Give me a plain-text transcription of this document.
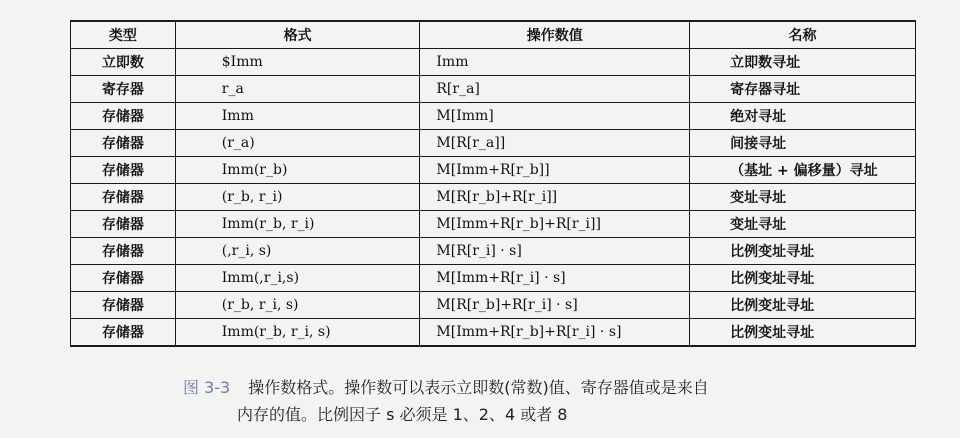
类型	格式	操作数值	名称
立即数	$Imm	Imm	立即数寻址
寄存器	r_a	R[r_a]	寄存器寻址
存储器	Imm	M[Imm]	绝对寻址
存储器	(r_a)	M[R[r_a]]	间接寻址
存储器	Imm(r_b)	M[Imm+R[r_b]]	（基址 + 偏移量）寻址
存储器	(r_b, r_i)	M[R[r_b]+R[r_i]]	变址寻址
存储器	Imm(r_b, r_i)	M[Imm+R[r_b]+R[r_i]]	变址寻址
存储器	(,r_i, s)	M[R[r_i] · s]	比例变址寻址
存储器	Imm(,r_i,s)	M[Imm+R[r_i] · s]	比例变址寻址
存储器	(r_b, r_i, s)	M[R[r_b]+R[r_i] · s]	比例变址寻址
存储器	Imm(r_b, r_i, s)	M[Imm+R[r_b]+R[r_i] · s]	比例变址寻址
图 3-3 操作数格式。操作数可以表示立即数(常数)值、寄存器值或是来自
内存的值。比例因子 s 必须是 1、2、4 或者 8
